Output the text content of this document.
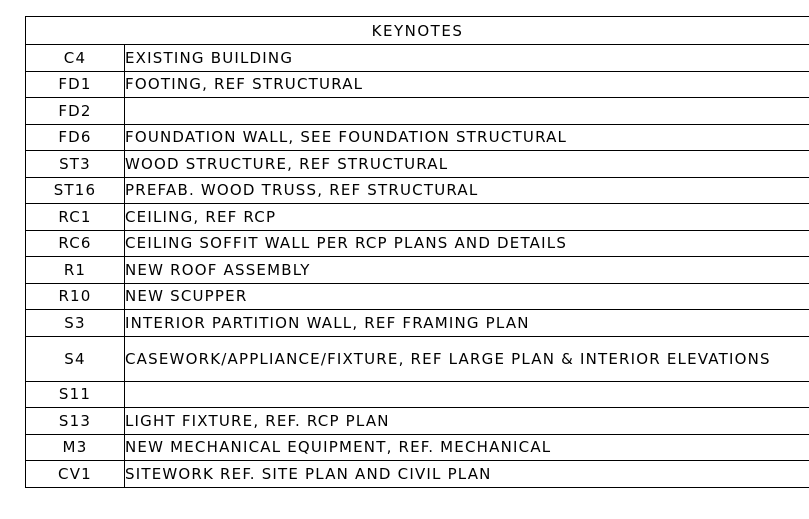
KEYNOTES	
C4	EXISTING BUILDING
FD1	FOOTING, REF STRUCTURAL
FD2	
FD6	FOUNDATION WALL, SEE FOUNDATION STRUCTURAL
ST3	WOOD STRUCTURE, REF STRUCTURAL
ST16	PREFAB. WOOD TRUSS, REF STRUCTURAL
RC1	CEILING, REF RCP
RC6	CEILING SOFFIT WALL PER RCP PLANS AND DETAILS
R1	NEW ROOF ASSEMBLY
R10	NEW SCUPPER
S3	INTERIOR PARTITION WALL, REF FRAMING PLAN
S4	CASEWORK/APPLIANCE/FIXTURE, REF LARGE PLAN & INTERIOR ELEVATIONS
S11	
S13	LIGHT FIXTURE, REF. RCP PLAN
M3	NEW MECHANICAL EQUIPMENT, REF. MECHANICAL
CV1	SITEWORK REF. SITE PLAN AND CIVIL PLAN
